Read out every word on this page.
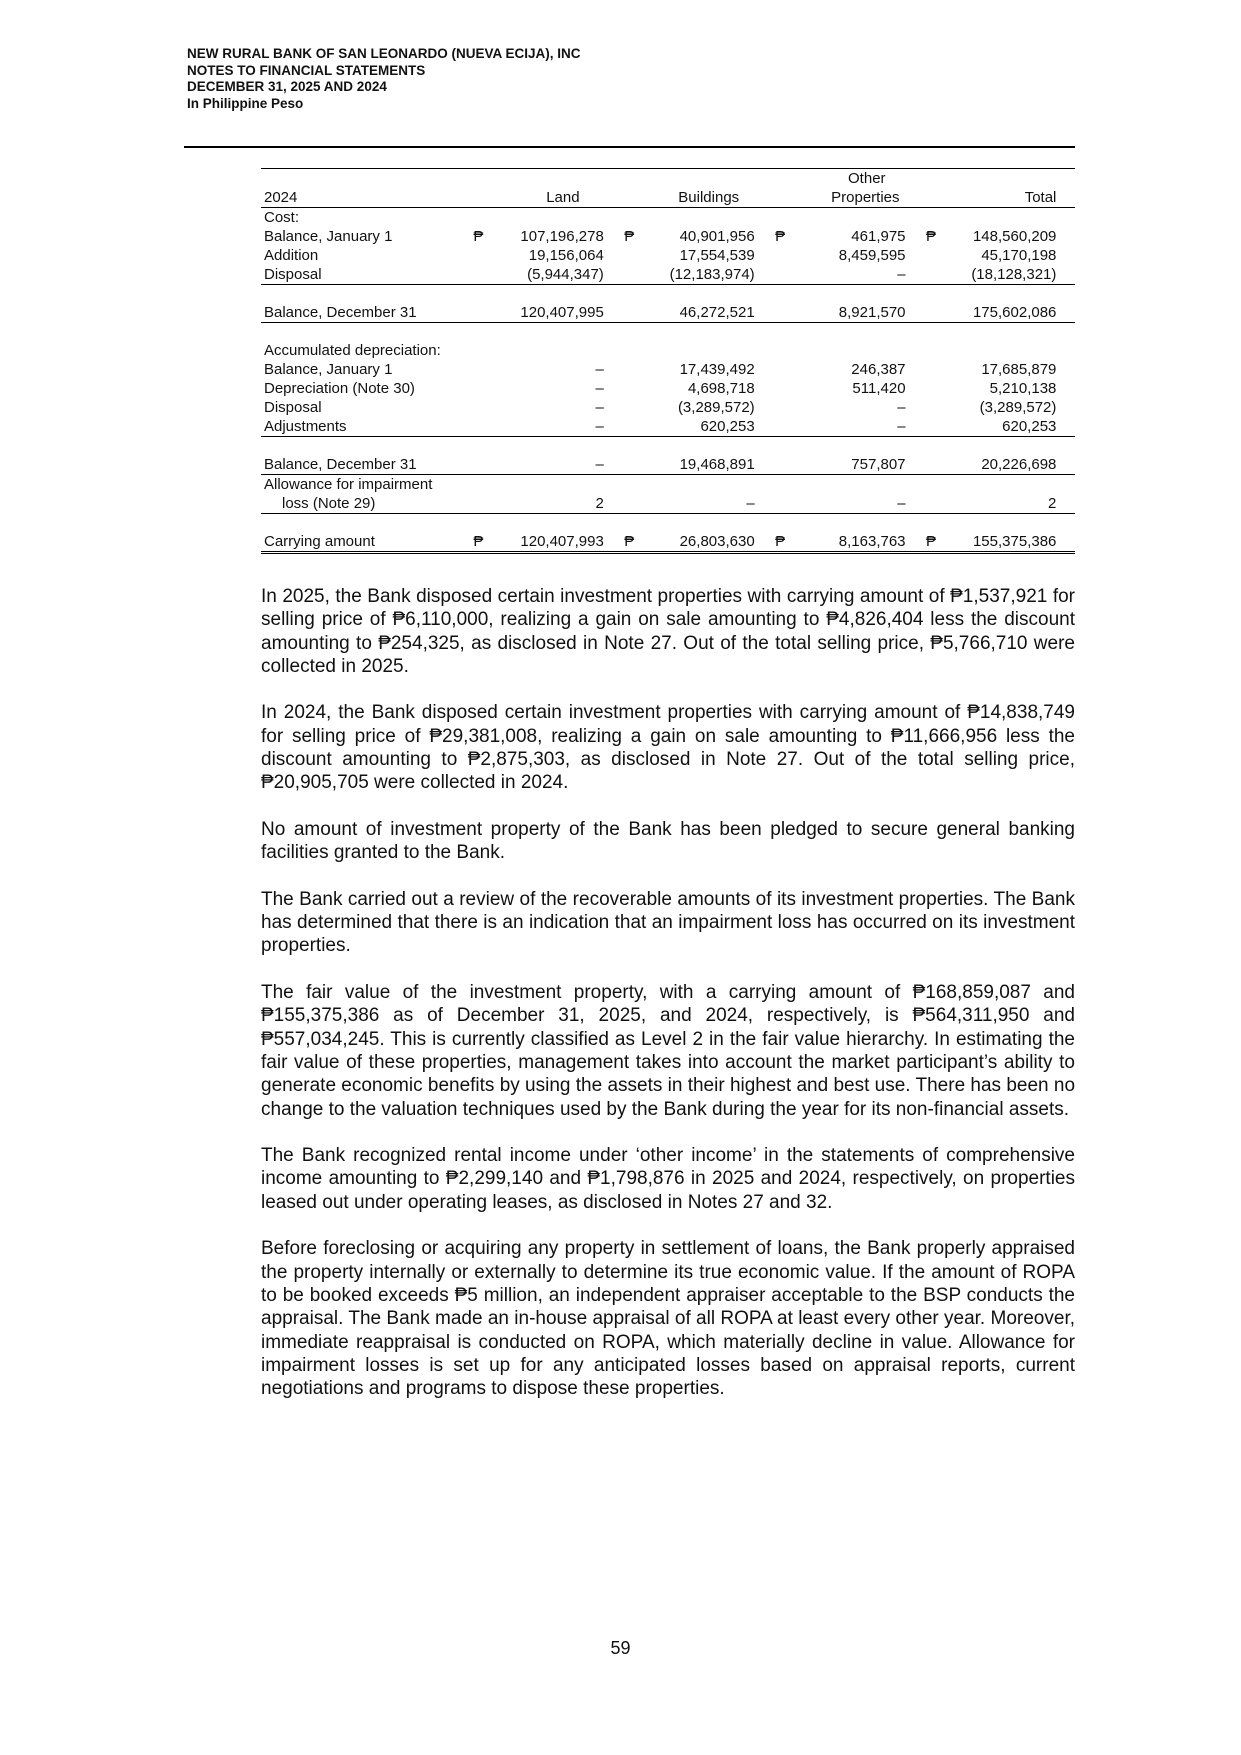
NEW RURAL BANK OF SAN LEONARDO (NUEVA ECIJA), INC
NOTES TO FINANCIAL STATEMENTS
DECEMBER 31, 2025 AND 2024
In Philippine Peso
								Other				
2024		Land			Buildings			Properties			Total	
Cost:												
Balance, January 1	₱	107,196,278		₱	40,901,956		₱	461,975		₱	148,560,209	
Addition		19,156,064			17,554,539			8,459,595			45,170,198	
Disposal		(5,944,347)			(12,183,974)			–			(18,128,321)	

Balance, December 31		120,407,995			46,272,521			8,921,570			175,602,086	

Accumulated depreciation:												
Balance, January 1		–			17,439,492			246,387			17,685,879	
Depreciation (Note 30)		–			4,698,718			511,420			5,210,138	
Disposal		–			(3,289,572)			–			(3,289,572)	
Adjustments		–			620,253			–			620,253	

Balance, December 31		–			19,468,891			757,807			20,226,698	
Allowance for impairment												
loss (Note 29)		2			–			–			2	

Carrying amount	₱	120,407,993		₱	26,803,630		₱	8,163,763		₱	155,375,386	

In 2025, the Bank disposed certain investment properties with carrying amount of ₱1,537,921 for selling price of ₱6,110,000, realizing a gain on sale amounting to ₱4,826,404 less the discount amounting to ₱254,325, as disclosed in Note 27. Out of the total selling price, ₱5,766,710 were collected in 2025.

In 2024, the Bank disposed certain investment properties with carrying amount of ₱14,838,749 for selling price of ₱29,381,008, realizing a gain on sale amounting to ₱11,666,956 less the discount amounting to ₱2,875,303, as disclosed in Note 27. Out of the total selling price, ₱20,905,705 were collected in 2024.

No amount of investment property of the Bank has been pledged to secure general banking facilities granted to the Bank.

The Bank carried out a review of the recoverable amounts of its investment properties. The Bank has determined that there is an indication that an impairment loss has occurred on its investment properties.

The fair value of the investment property, with a carrying amount of ₱168,859,087 and ₱155,375,386 as of December 31, 2025, and 2024, respectively, is ₱564,311,950 and ₱557,034,245. This is currently classified as Level 2 in the fair value hierarchy. In estimating the fair value of these properties, management takes into account the market participant’s ability to generate economic benefits by using the assets in their highest and best use. There has been no change to the valuation techniques used by the Bank during the year for its non-financial assets.

The Bank recognized rental income under ‘other income’ in the statements of comprehensive income amounting to ₱2,299,140 and ₱1,798,876 in 2025 and 2024, respectively, on properties leased out under operating leases, as disclosed in Notes 27 and 32.

Before foreclosing or acquiring any property in settlement of loans, the Bank properly appraised the property internally or externally to determine its true economic value. If the amount of ROPA to be booked exceeds ₱5 million, an independent appraiser acceptable to the BSP conducts the appraisal. The Bank made an in-house appraisal of all ROPA at least every other year. Moreover, immediate reappraisal is conducted on ROPA, which materially decline in value. Allowance for impairment losses is set up for any anticipated losses based on appraisal reports, current negotiations and programs to dispose these properties.

59
